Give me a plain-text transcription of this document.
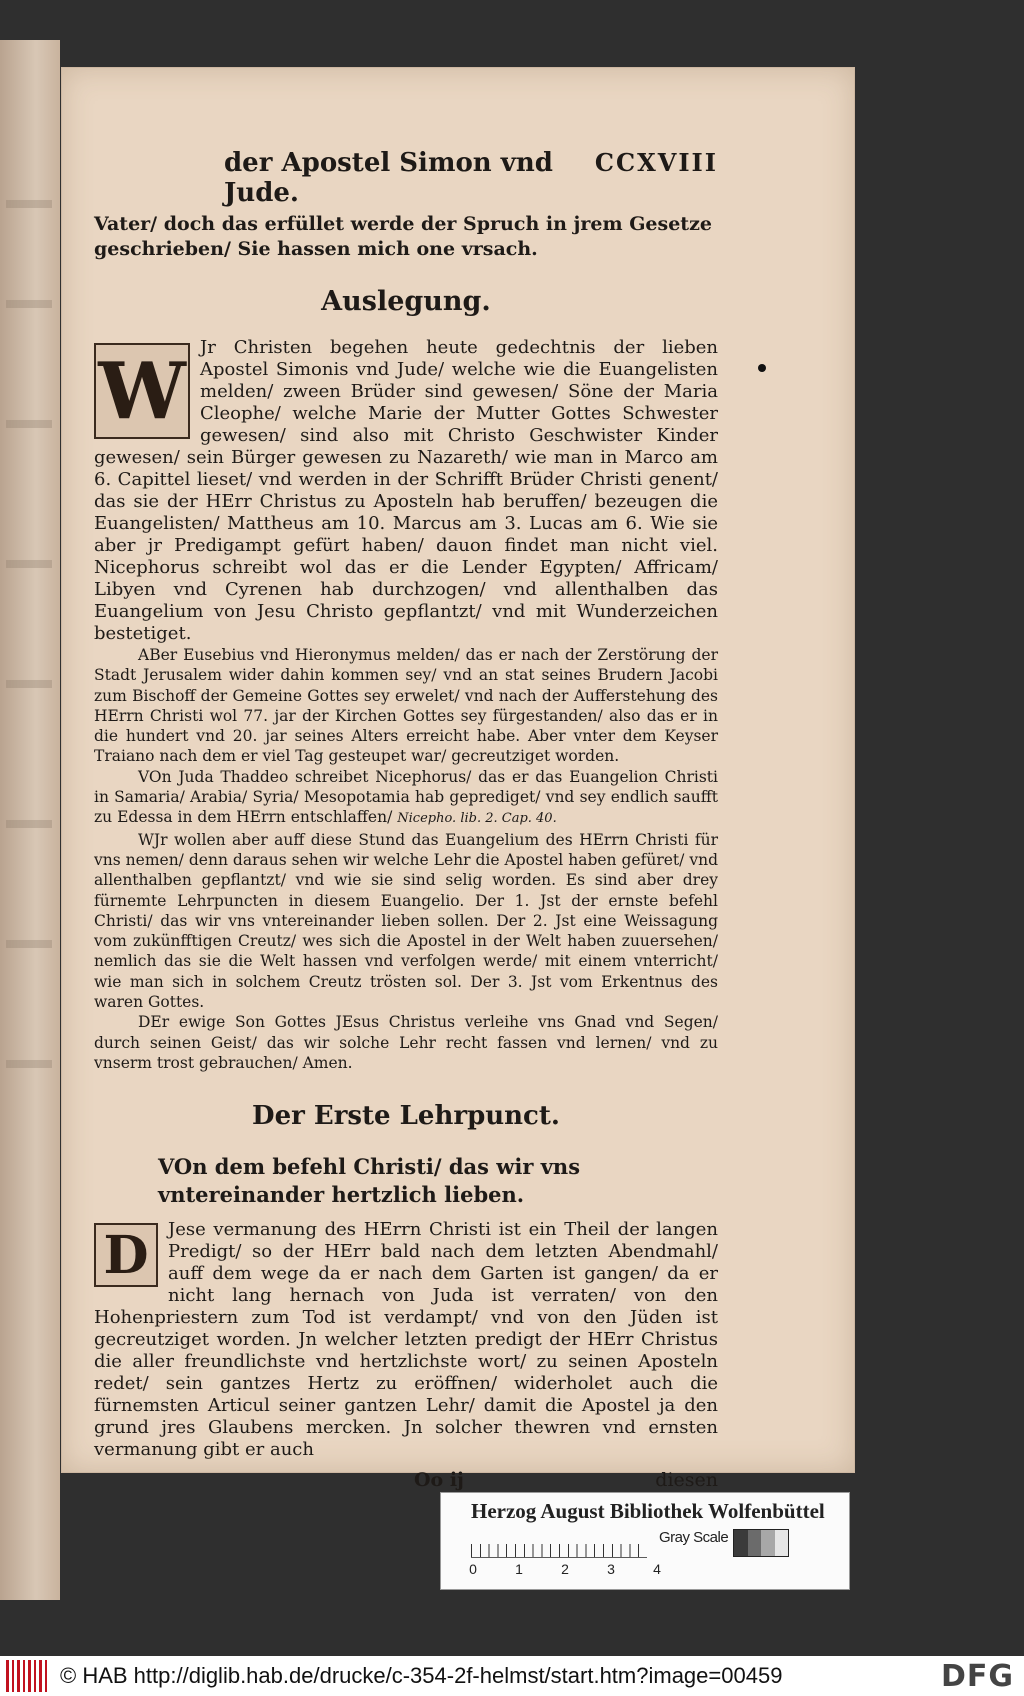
der Apostel Simon vnd Jude.
CCXVIII

Vater/ doch das erfüllet werde der Spruch in jrem Gesetze geschrieben/ Sie hassen mich one vrsach.

Auslegung.
W Jr Christen begehen heute gedechtnis der lieben Apostel Simonis vnd Jude/ welche wie die Euangelisten melden/ zween Brüder sind gewesen/ Söne der Maria Cleophe/ welche Marie der Mutter Gottes Schwester gewesen/ sind also mit Christo Geschwister Kinder gewesen/ sein Bürger gewesen zu Nazareth/ wie man in Marco am 6. Capittel lieset/ vnd werden in der Schrifft Brüder Christi genent/ das sie der HErr Christus zu Aposteln hab beruffen/ bezeugen die Euangelisten/ Mattheus am 10. Marcus am 3. Lucas am 6. Wie sie aber jr Predigampt gefürt haben/ dauon findet man nicht viel. Nicephorus schreibt wol das er die Lender Egypten/ Affricam/ Libyen vnd Cyrenen hab durchzogen/ vnd allenthalben das Euangelium von Jesu Christo gepflantzt/ vnd mit Wunderzeichen bestetiget.

ABer Eusebius vnd Hieronymus melden/ das er nach der Zerstörung der Stadt Jerusalem wider dahin kommen sey/ vnd an stat seines Brudern Jacobi zum Bischoff der Gemeine Gottes sey erwelet/ vnd nach der Aufferstehung des HErrn Christi wol 77. jar der Kirchen Gottes sey fürgestanden/ also das er in die hundert vnd 20. jar seines Alters erreicht habe. Aber vnter dem Keyser Traiano nach dem er viel Tag gesteupet war/ gecreutziget worden.

VOn Juda Thaddeo schreibet Nicephorus/ das er das Euangelion Christi in Samaria/ Arabia/ Syria/ Mesopotamia hab geprediget/ vnd sey endlich saufft zu Edessa in dem HErrn entschlaffen/ Nicepho. lib. 2. Cap. 40.

WJr wollen aber auff diese Stund das Euangelium des HErrn Christi für vns nemen/ denn daraus sehen wir welche Lehr die Apostel haben gefüret/ vnd allenthalben gepflantzt/ vnd wie sie sind selig worden. Es sind aber drey fürnemte Lehrpuncten in diesem Euangelio. Der 1. Jst der ernste befehl Christi/ das wir vns vntereinander lieben sollen. Der 2. Jst eine Weissagung vom zukünfftigen Creutz/ wes sich die Apostel in der Welt haben zuuersehen/ nemlich das sie die Welt hassen vnd verfolgen werde/ mit einem vnterricht/ wie man sich in solchem Creutz trösten sol. Der 3. Jst vom Erkentnus des waren Gottes.

DEr ewige Son Gottes JEsus Christus verleihe vns Gnad vnd Segen/ durch seinen Geist/ das wir solche Lehr recht fassen vnd lernen/ vnd zu vnserm trost gebrauchen/ Amen.

Der Erste Lehrpunct.

VOn dem befehl Christi/ das wir vns vntereinander hertzlich lieben.

D	Jese vermanung des HErrn Christi ist ein Theil der langen Predigt/ so der HErr bald nach dem letzten Abendmahl/ auff dem wege da er nach dem Garten ist gangen/ da er nicht lang hernach von Juda ist verraten/ von den Hohenpriestern zum Tod ist verdampt/ vnd von den Jüden ist gecreutziget worden. Jn welcher letzten predigt der HErr Christus die aller freundlichste vnd hertzlichste wort/ zu seinen Aposteln redet/ sein gantzes Hertz zu eröffnen/ widerholet auch die fürnemsten Articul seiner gantzen Lehr/ damit die Apostel ja den grund jres Glaubens mercken. Jn solcher thewren vnd ernsten vermanung gibt er auch

Oo ij	diesen
Herzog August Bibliothek Wolfenbüttel
0	1	2	3	4
Gray Scale
© HAB http://diglib.hab.de/drucke/c-354-2f-helmst/start.htm?image=00459	DFG
